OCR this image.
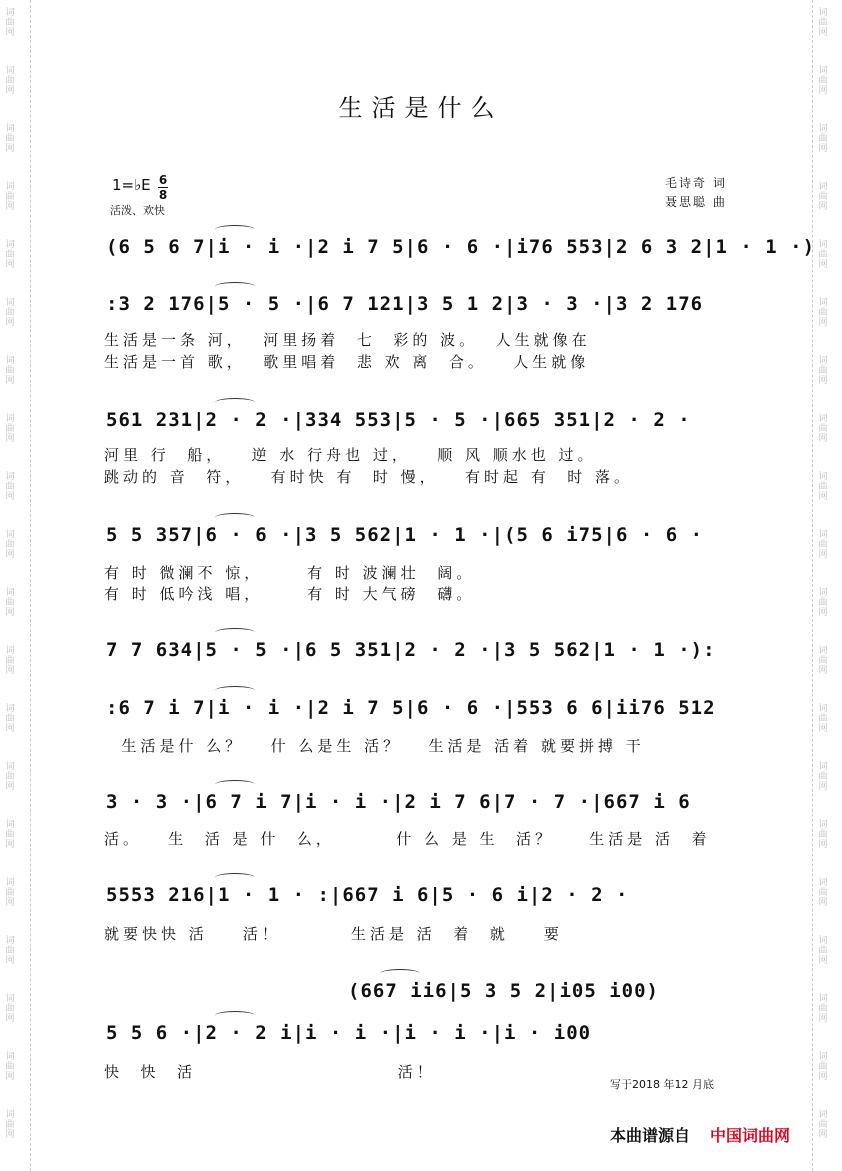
词
曲
网
词
曲
网
词
曲
网
词
曲
网
词
曲
网
词
曲
网
词
曲
网
词
曲
网
词
曲
网
词
曲
网
词
曲
网
词
曲
网
词
曲
网
词
曲
网
词
曲
网
词
曲
网
词
曲
网
词
曲
网
词
曲
网
词
曲
网
词
曲
网
词
曲
网
词
曲
网
词
曲
网
词
曲
网
词
曲
网
词
曲
网
词
曲
网
词
曲
网
词
曲
网
词
曲
网
词
曲
网
词
曲
网
词
曲
网
词
曲
网
词
曲
网
词
曲
网
词
曲
网
词
曲
网
词
曲
网
生活是什么
1=♭E 6
8
活泼、欢快
毛诗奇 词
聂思聪 曲
(6 5 6 7|i · i ·|2 i 7 5|6 · 6 ·|i76 553|2 6 3 2|1 · 1 ·)
:3 2 176|5 · 5 ·|6 7 121|3 5 1 2|3 · 3 ·|3 2 176
生活是一条 河，  河里扬着  七  彩的 波。  人生就像在
生活是一首 歌，  歌里唱着  悲 欢 离  合。   人生就像
561 231|2 · 2 ·|334 553|5 · 5 ·|665 351|2 · 2 ·
河里 行  船，   逆 水 行舟也 过，   顺 风 顺水也 过。
跳动的 音  符，   有时快 有  时 慢，   有时起 有  时 落。
5 5 357|6 · 6 ·|3 5 562|1 · 1 ·|(5 6 i75|6 · 6 ·
有 时 微澜不 惊，     有 时 波澜壮  阔。
有 时 低吟浅 唱，     有 时 大气磅  礴。
7 7 634|5 · 5 ·|6 5 351|2 · 2 ·|3 5 562|1 · 1 ·):
:6 7 i 7|i · i ·|2 i 7 5|6 · 6 ·|553 6 6|ii76 512
生活是什 么？   什 么是生 活？   生活是 活着 就要拼搏 干
3 · 3 ·|6 7 i 7|i · i ·|2 i 7 6|7 · 7 ·|667 i 6
活。   生  活 是 什  么，       什 么 是 生  活？    生活是 活  着
5553 216|1 · 1 · :|667 i 6|5 · 6 i|2 · 2 ·
就要快快 活    活！        生活是 活  着  就    要
(667 ii6|5 3 5 2|i05 i00)
5 5 6 ·|2 · 2 i|i · i ·|i · i ·|i · i00
快  快  活                       活！
写于2018 年12 月底
本曲谱源自 中国词曲网
